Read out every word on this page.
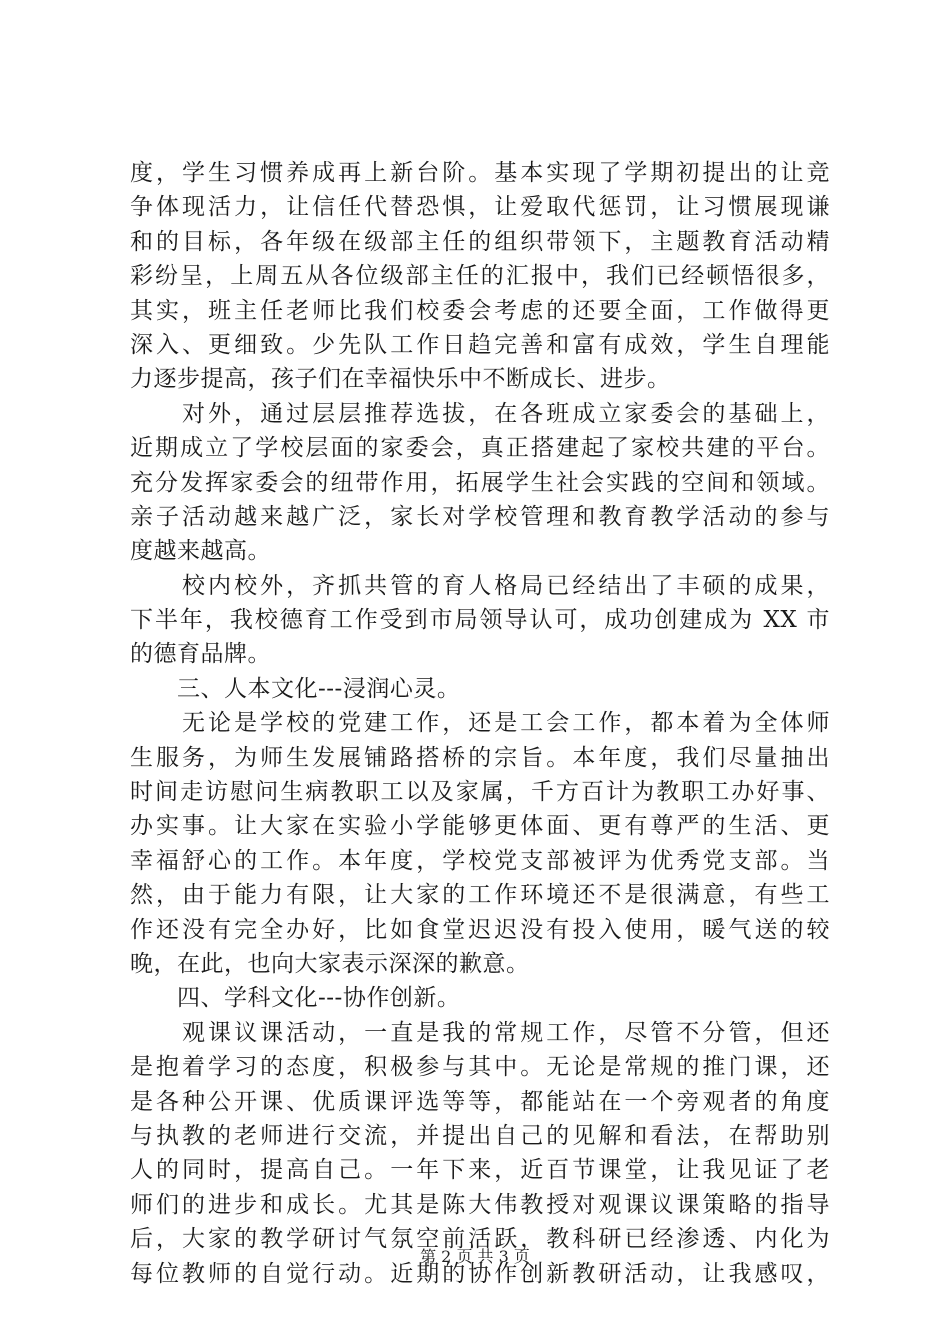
度，学生习惯养成再上新台阶。基本实现了学期初提出的让竞
争体现活力，让信任代替恐惧，让爱取代惩罚，让习惯展现谦
和的目标，各年级在级部主任的组织带领下，主题教育活动精
彩纷呈，上周五从各位级部主任的汇报中，我们已经顿悟很多，
其实，班主任老师比我们校委会考虑的还要全面，工作做得更
深入、更细致。少先队工作日趋完善和富有成效，学生自理能
力逐步提高，孩子们在幸福快乐中不断成长、进步。
　　对外，通过层层推荐选拔，在各班成立家委会的基础上，
近期成立了学校层面的家委会，真正搭建起了家校共建的平台。
充分发挥家委会的纽带作用，拓展学生社会实践的空间和领域。
亲子活动越来越广泛，家长对学校管理和教育教学活动的参与
度越来越高。
　　校内校外，齐抓共管的育人格局已经结出了丰硕的成果，
下半年，我校德育工作受到市局领导认可，成功创建成为 XX 市
的德育品牌。
　　三、人本文化---浸润心灵。
　　无论是学校的党建工作，还是工会工作，都本着为全体师
生服务，为师生发展铺路搭桥的宗旨。本年度，我们尽量抽出
时间走访慰问生病教职工以及家属，千方百计为教职工办好事、
办实事。让大家在实验小学能够更体面、更有尊严的生活、更
幸福舒心的工作。本年度，学校党支部被评为优秀党支部。当
然，由于能力有限，让大家的工作环境还不是很满意，有些工
作还没有完全办好，比如食堂迟迟没有投入使用，暖气送的较
晚，在此，也向大家表示深深的歉意。
　　四、学科文化---协作创新。
　　观课议课活动，一直是我的常规工作，尽管不分管，但还
是抱着学习的态度，积极参与其中。无论是常规的推门课，还
是各种公开课、优质课评选等等，都能站在一个旁观者的角度
与执教的老师进行交流，并提出自己的见解和看法，在帮助别
人的同时，提高自己。一年下来，近百节课堂，让我见证了老
师们的进步和成长。尤其是陈大伟教授对观课议课策略的指导
后，大家的教学研讨气氛空前活跃，教科研已经渗透、内化为
每位教师的自觉行动。近期的协作创新教研活动，让我感叹，
第 2 页 共 3 页
